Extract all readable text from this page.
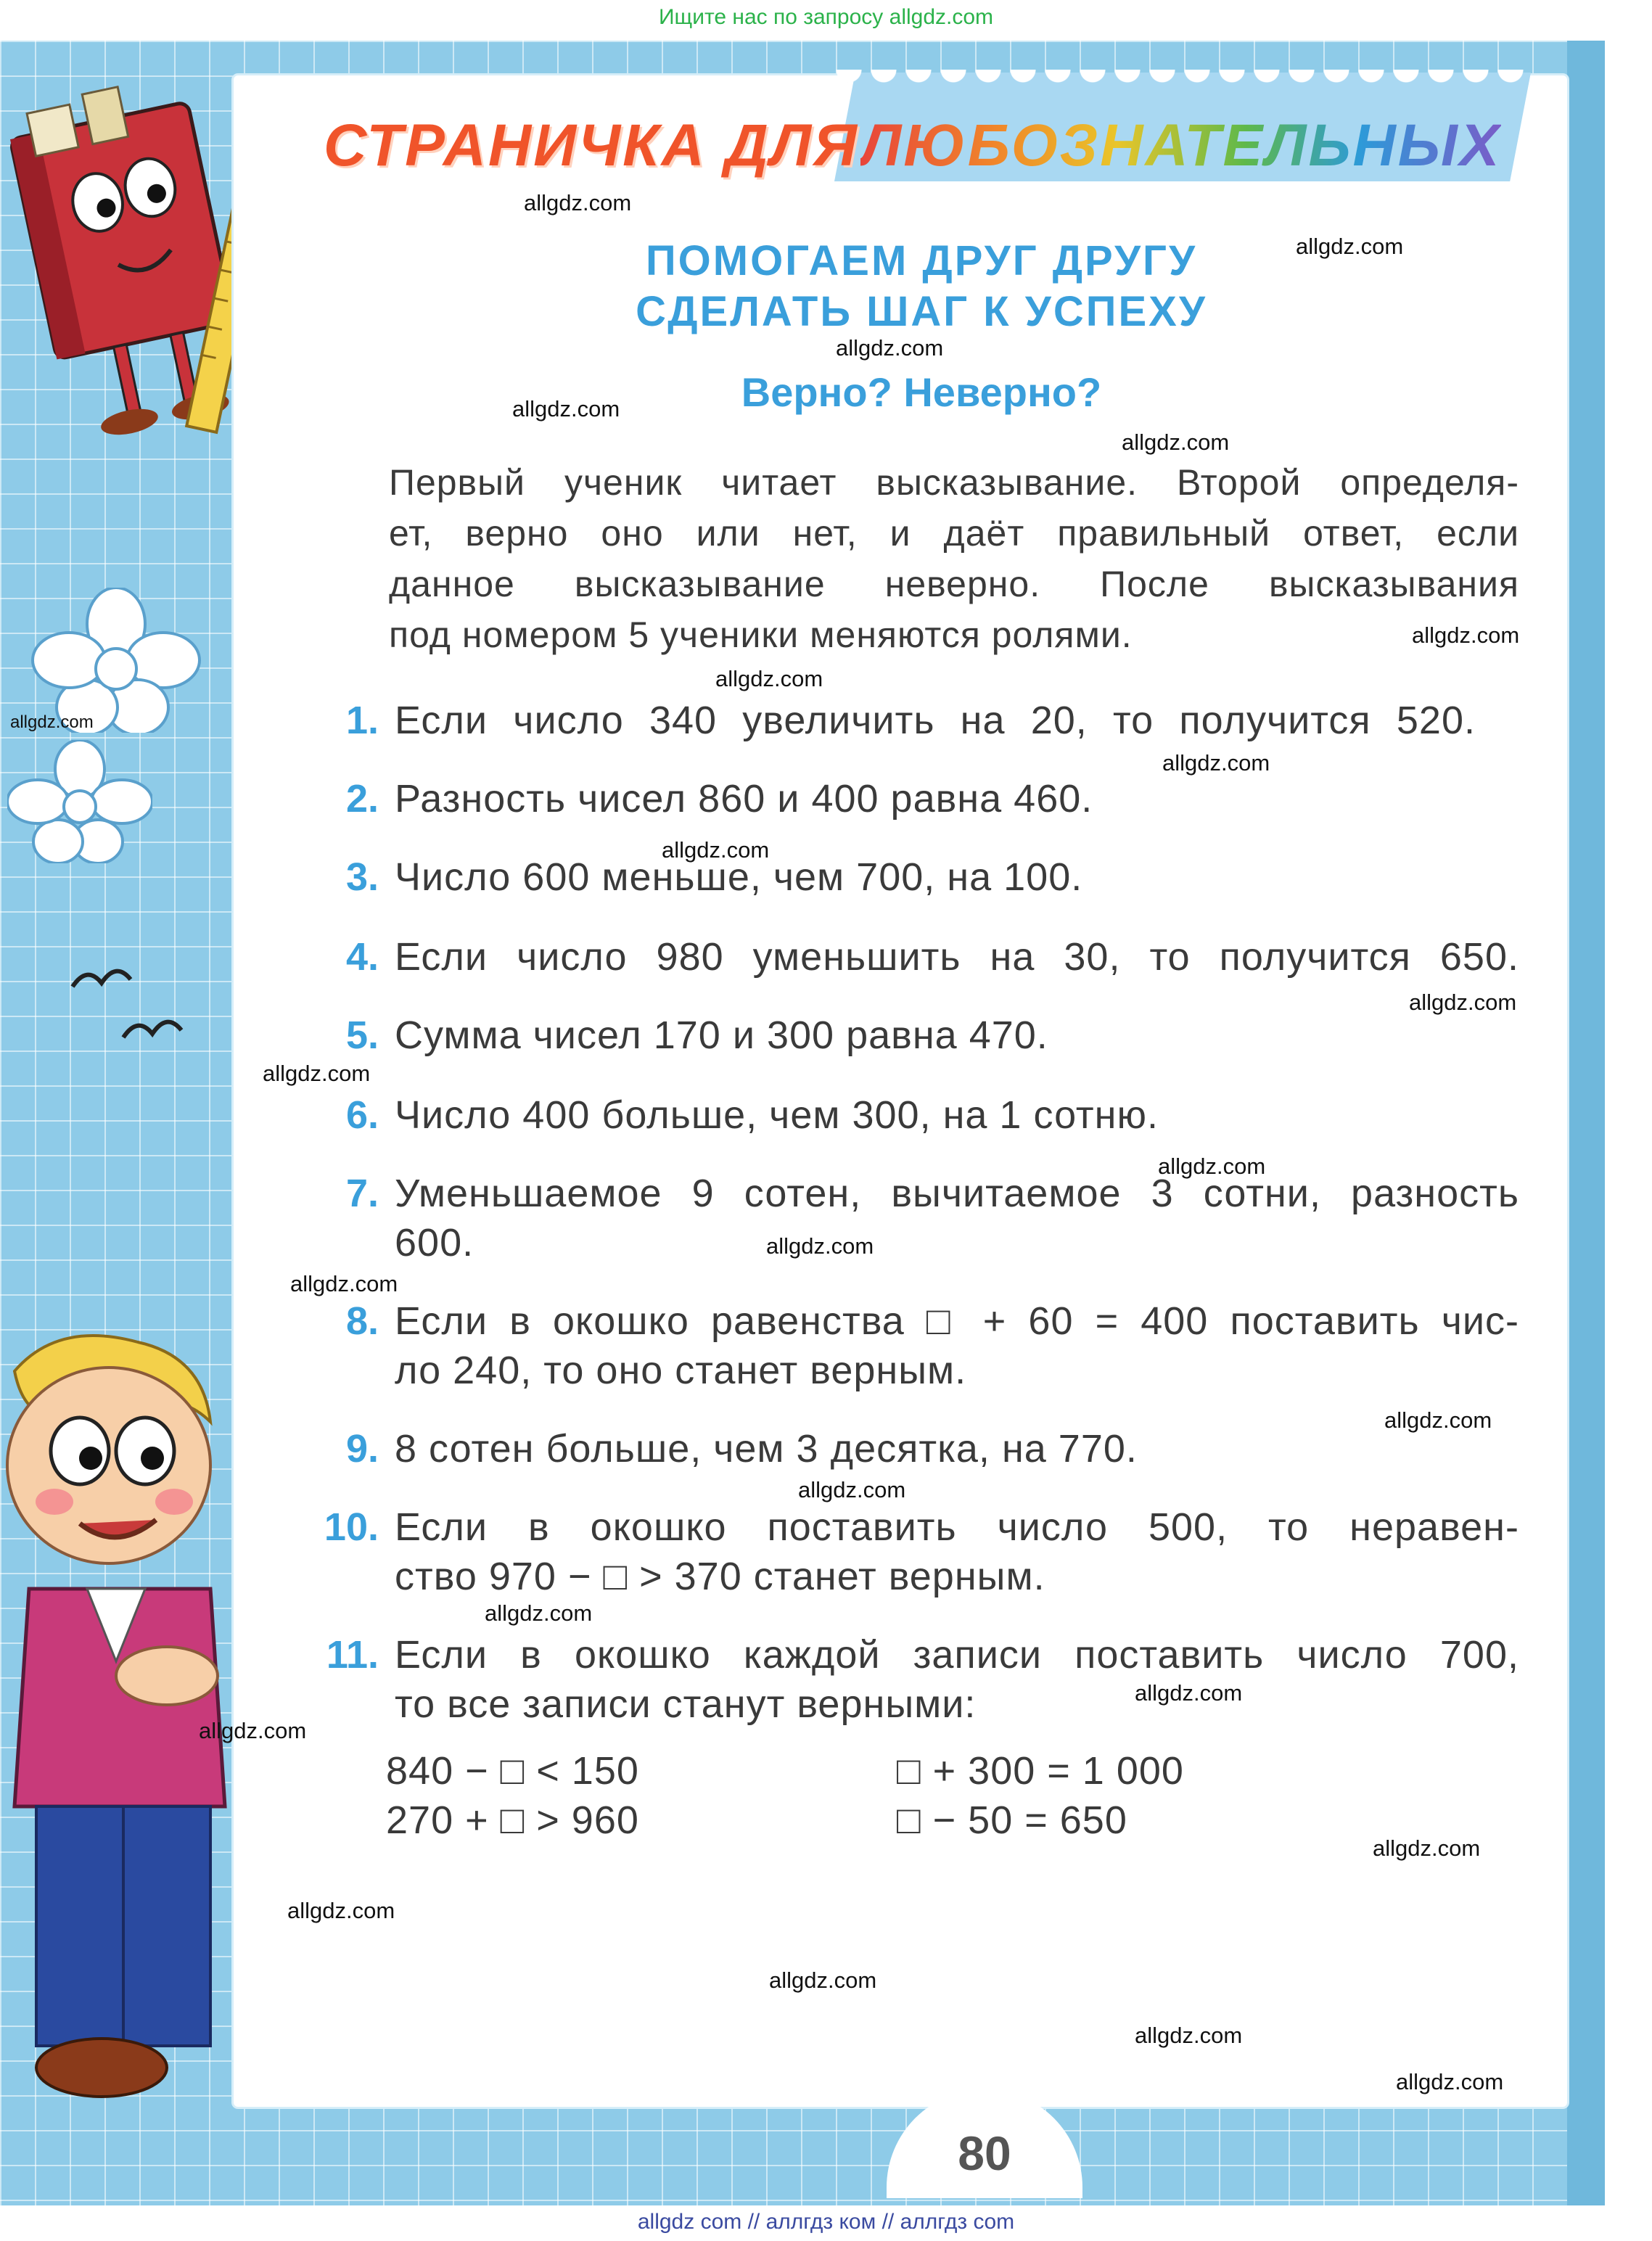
Ищите нас по запросу allgdz.com
СТРАНИЧКА ДЛЯ ЛЮБОЗНАТЕЛЬНЫХ
ПОМОГАЕМ ДРУГ ДРУГУ
СДЕЛАТЬ ШАГ К УСПЕХУ
Верно? Неверно?
Первый ученик читает высказывание. Второй определя-
ет, верно оно или нет, и даёт правильный ответ, если
данное высказывание неверно. После высказывания
под номером 5 ученики меняются ролями.
1. Если число 340 увеличить на 20, то получится 520.
2. Разность чисел 860 и 400 равна 460.
3. Число 600 меньше, чем 700, на 100.
4. Если число 980 уменьшить на 30, то получится 650.
5. Сумма чисел 170 и 300 равна 470.
6. Число 400 больше, чем 300, на 1 сотню.
7. Уменьшаемое 9 сотен, вычитаемое 3 сотни, разность
600.
8. Если в окошко равенства □ + 60 = 400 поставить чис-
ло 240, то оно станет верным.
9. 8 сотен больше, чем 3 десятка, на 770.
10. Если в окошко поставить число 500, то неравен-
ство 970 − □ > 370 станет верным.
11. Если в окошко каждой записи поставить число 700,
то все записи станут верными:
840 − □ < 150
270 + □ > 960
□ + 300 = 1 000
□ − 50 = 650
80
allgdz.com
allgdz.com
allgdz.com
allgdz.com
allgdz.com
allgdz.com
allgdz.com
allgdz.com
allgdz.com
allgdz.com
allgdz.com
allgdz.com
allgdz.com
allgdz.com
allgdz.com
allgdz.com
allgdz.com
allgdz.com
allgdz.com
allgdz.com
allgdz.com
allgdz.com
allgdz.com
allgdz.com
allgdz.com
allgdz com // аллгдз ком // аллгдз com
